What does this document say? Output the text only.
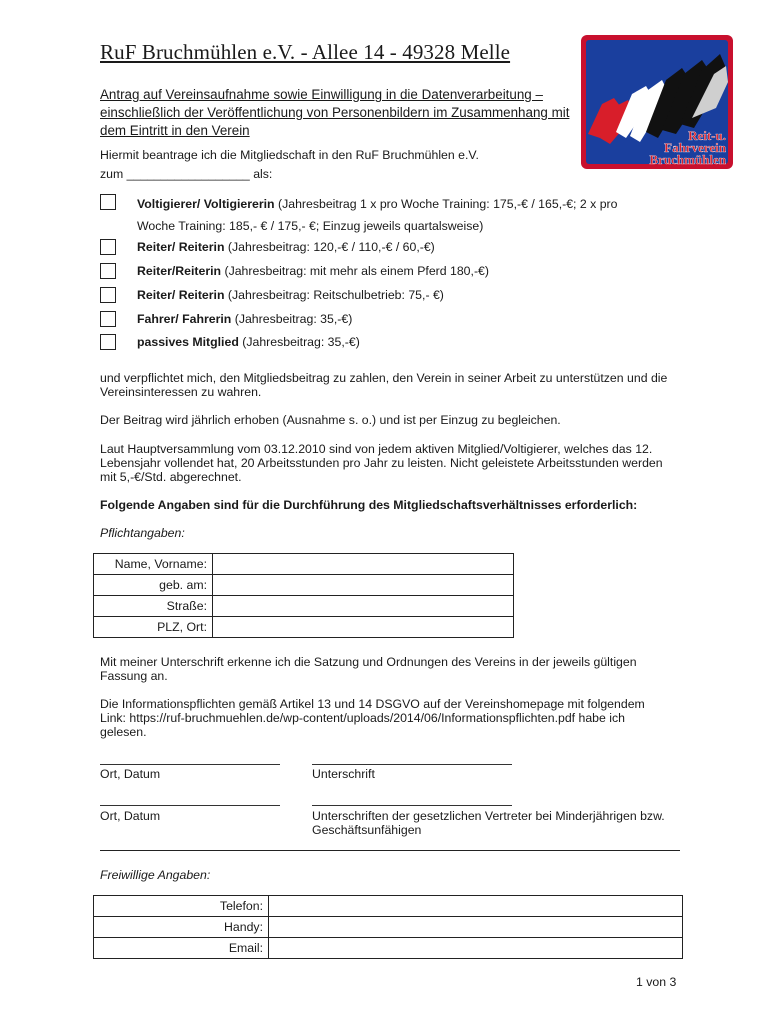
RuF Bruchmühlen e.V. - Allee 14 - 49328 Melle
Antrag auf Vereinsaufnahme sowie Einwilligung in die Datenverarbeitung – einschließlich der Veröffentlichung von Personenbildern im Zusammenhang mit dem Eintritt in den Verein	Reit-u.
Fahrverein
Bruchmühlen
Hiermit beantrage ich die Mitgliedschaft in den RuF Bruchmühlen e.V.
zum __________________ als:
Voltigierer/ Voltigiererin (Jahresbeitrag 1 x pro Woche Training: 175,-€ / 165,-€; 2 x pro
Woche Training: 185,- € / 175,- €; Einzug jeweils quartalsweise)
Reiter/ Reiterin (Jahresbeitrag: 120,-€ / 110,-€ / 60,-€)
Reiter/Reiterin (Jahresbeitrag: mit mehr als einem Pferd 180,-€)
Reiter/ Reiterin (Jahresbeitrag: Reitschulbetrieb: 75,- €)
Fahrer/ Fahrerin (Jahresbeitrag: 35,-€)
passives Mitglied (Jahresbeitrag: 35,-€)
und verpflichtet mich, den Mitgliedsbeitrag zu zahlen, den Verein in seiner Arbeit zu unterstützen und die Vereinsinteressen zu wahren.
Der Beitrag wird jährlich erhoben (Ausnahme s. o.) und ist per Einzug zu begleichen.
Laut Hauptversammlung vom 03.12.2010 sind von jedem aktiven Mitglied/Voltigierer, welches das 12. Lebensjahr vollendet hat, 20 Arbeitsstunden pro Jahr zu leisten. Nicht geleistete Arbeitsstunden werden mit 5,-€/Std. abgerechnet.
Folgende Angaben sind für die Durchführung des Mitgliedschaftsverhältnisses erforderlich:
Pflichtangaben:
Name, Vorname:	
geb. am:	
Straße:	
PLZ, Ort:	
Mit meiner Unterschrift erkenne ich die Satzung und Ordnungen des Vereins in der jeweils gültigen Fassung an.
Die Informationspflichten gemäß Artikel 13 und 14 DSGVO auf der Vereinshomepage mit folgendem Link: https://ruf-bruchmuehlen.de/wp-content/uploads/2014/06/Informationspflichten.pdf habe ich gelesen.
Ort, Datum	Unterschrift
Ort, Datum	Unterschriften der gesetzlichen Vertreter bei Minderjährigen bzw. Geschäftsunfähigen
Freiwillige Angaben:
Telefon:	
Handy:	
Email:	
1 von 3
